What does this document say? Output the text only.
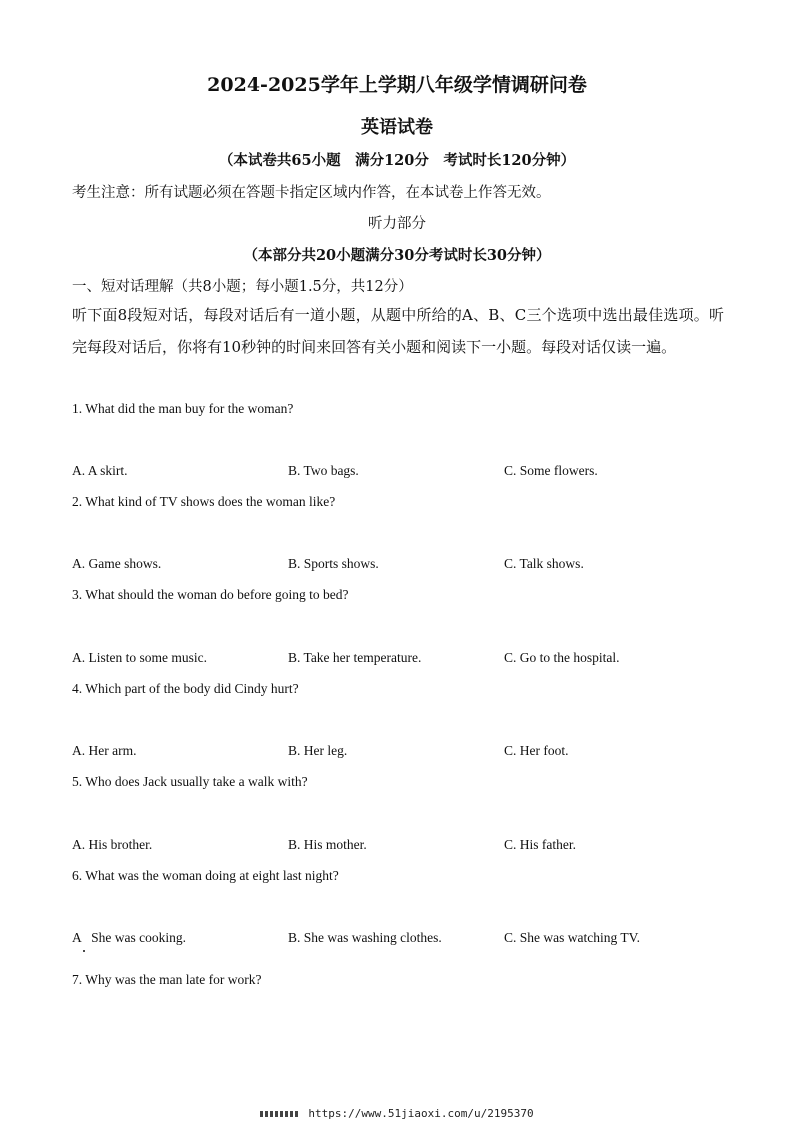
2024-2025学年上学期八年级学情调研问卷
英语试卷
（本试卷共65小题　满分120分　考试时长120分钟）
考生注意：所有试题必须在答题卡指定区域内作答，在本试卷上作答无效。
听力部分
（本部分共20小题满分30分考试时长30分钟）
一、短对话理解（共8小题；每小题1.5分，共12分）
听下面8段短对话，每段对话后有一道小题，从题中所给的A、B、C三个选项中选出最佳选项。听完每段对话后，你将有10秒钟的时间来回答有关小题和阅读下一小题。每段对话仅读一遍。
1. What did the man buy for the woman?
A. A skirt.	B. Two bags.	C. Some flowers.
2. What kind of TV shows does the woman like?
A. Game shows.	B. Sports shows.	C. Talk shows.
3. What should the woman do before going to bed?
A. Listen to some music.	B. Take her temperature.	C. Go to the hospital.
4. Which part of the body did Cindy hurt?
A. Her arm.	B. Her leg.	C. Her foot.
5. Who does Jack usually take a walk with?
A. His brother.	B. His mother.	C. His father.
6. What was the woman doing at eight last night?
A   She was cooking.	B. She was washing clothes.	C. She was watching TV.
7. Why was the man late for work?
https://www.51jiaoxi.com/u/2195370
